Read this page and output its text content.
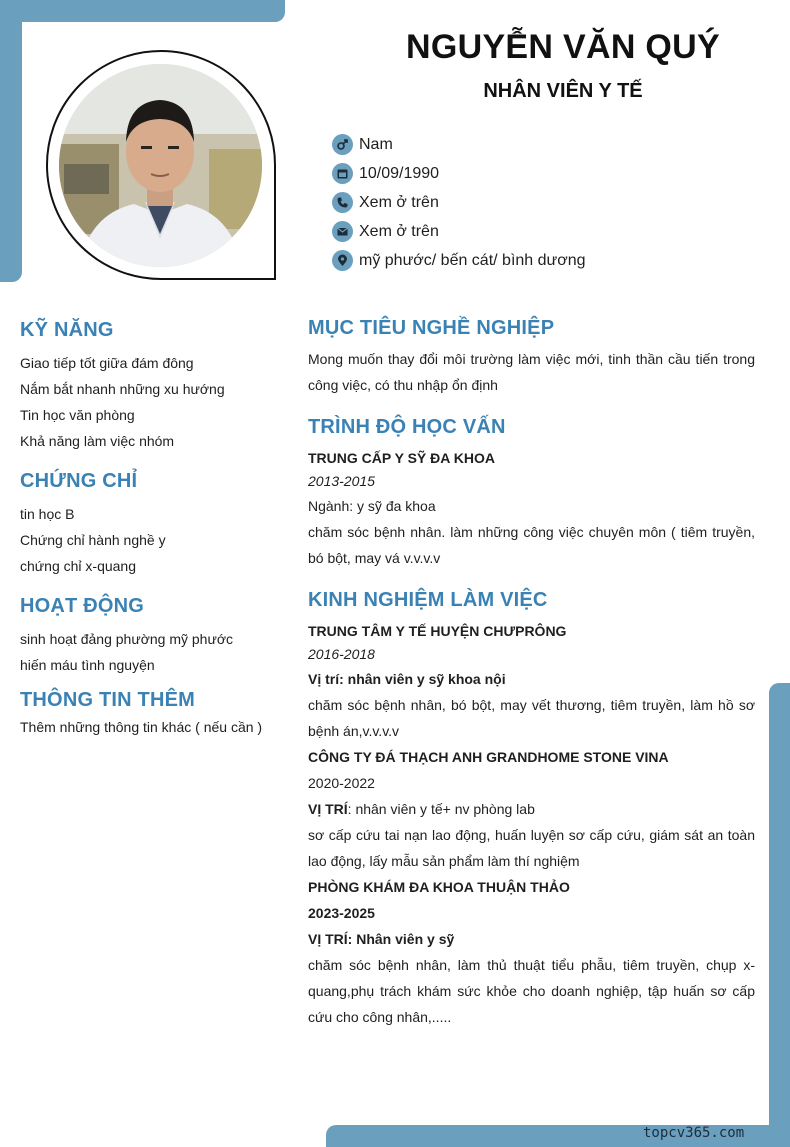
topcv365.com
NGUYỄN VĂN QUÝ
NHÂN VIÊN Y TẾ
Nam
10/09/1990
Xem ở trên
Xem ở trên
mỹ phước/ bến cát/ bình dương
KỸ NĂNG
Giao tiếp tốt giữa đám đông
Nắm bắt nhanh những xu hướng
Tin học văn phòng
Khả năng làm việc nhóm
CHỨNG CHỈ
tin học B
Chứng chỉ hành nghề y
chứng chỉ x-quang
HOẠT ĐỘNG
sinh hoạt đảng phường mỹ phước
hiến máu tình nguyện
THÔNG TIN THÊM
Thêm những thông tin khác ( nếu cần )
MỤC TIÊU NGHỀ NGHIỆP
Mong muốn thay đổi môi trường làm việc mới, tinh thần cầu tiến trong công việc, có thu nhập ổn định
TRÌNH ĐỘ HỌC VẤN
TRUNG CẤP Y SỸ ĐA KHOA
2013-2015
Ngành: y sỹ đa khoa
chăm sóc bệnh nhân. làm những công việc chuyên môn ( tiêm truyền, bó bột, may vá v.v.v.v
KINH NGHIỆM LÀM VIỆC
TRUNG TÂM Y TẾ HUYỆN CHƯPRÔNG
2016-2018
Vị trí: nhân viên y sỹ khoa nội
chăm sóc bệnh nhân, bó bột, may vết thương, tiêm truyền, làm hồ sơ bệnh án,v.v.v.v
CÔNG TY ĐÁ THẠCH ANH GRANDHOME STONE VINA
2020-2022
VỊ TRÍ: nhân viên y tế+ nv phòng lab
sơ cấp cứu tai nạn lao động, huấn luyện sơ cấp cứu, giám sát an toàn lao động, lấy mẫu sản phẩm làm thí nghiệm
PHÒNG KHÁM ĐA KHOA THUẬN THẢO
2023-2025
VỊ TRÍ: Nhân viên y sỹ
chăm sóc bệnh nhân, làm thủ thuật tiểu phẫu, tiêm truyền, chụp x-quang,phụ trách khám sức khỏe cho doanh nghiệp, tập huấn sơ cấp cứu cho công nhân,.....
